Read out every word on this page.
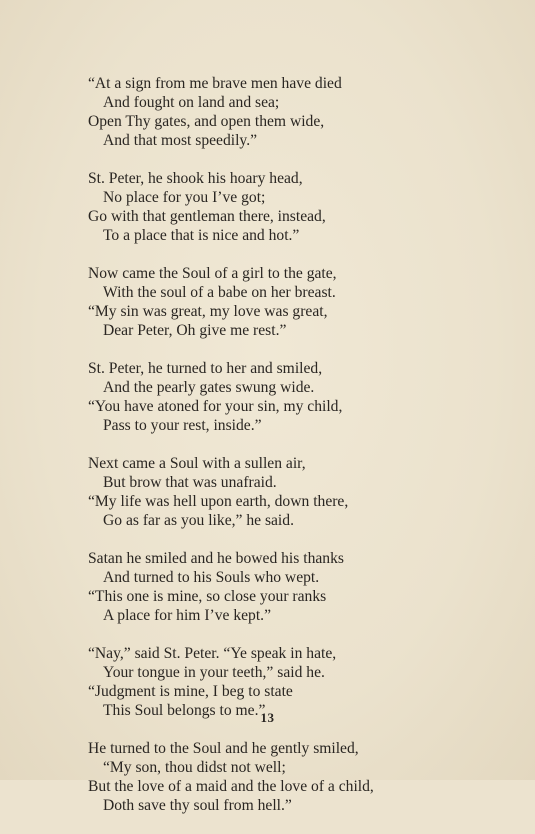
“At a sign from me brave men have died
And fought on land and sea;
Open Thy gates, and open them wide,
And that most speedily.”
St. Peter, he shook his hoary head,
No place for you I’ve got;
Go with that gentleman there, instead,
To a place that is nice and hot.”
Now came the Soul of a girl to the gate,
With the soul of a babe on her breast.
“My sin was great, my love was great,
Dear Peter, Oh give me rest.”
St. Peter, he turned to her and smiled,
And the pearly gates swung wide.
“You have atoned for your sin, my child,
Pass to your rest, inside.”
Next came a Soul with a sullen air,
But brow that was unafraid.
“My life was hell upon earth, down there,
Go as far as you like,” he said.
Satan he smiled and he bowed his thanks
And turned to his Souls who wept.
“This one is mine, so close your ranks
A place for him I’ve kept.”
“Nay,” said St. Peter. “Ye speak in hate,
Your tongue in your teeth,” said he.
“Judgment is mine, I beg to state
This Soul belongs to me.”
He turned to the Soul and he gently smiled,
“My son, thou didst not well;
But the love of a maid and the love of a child,
Doth save thy soul from hell.”
13
